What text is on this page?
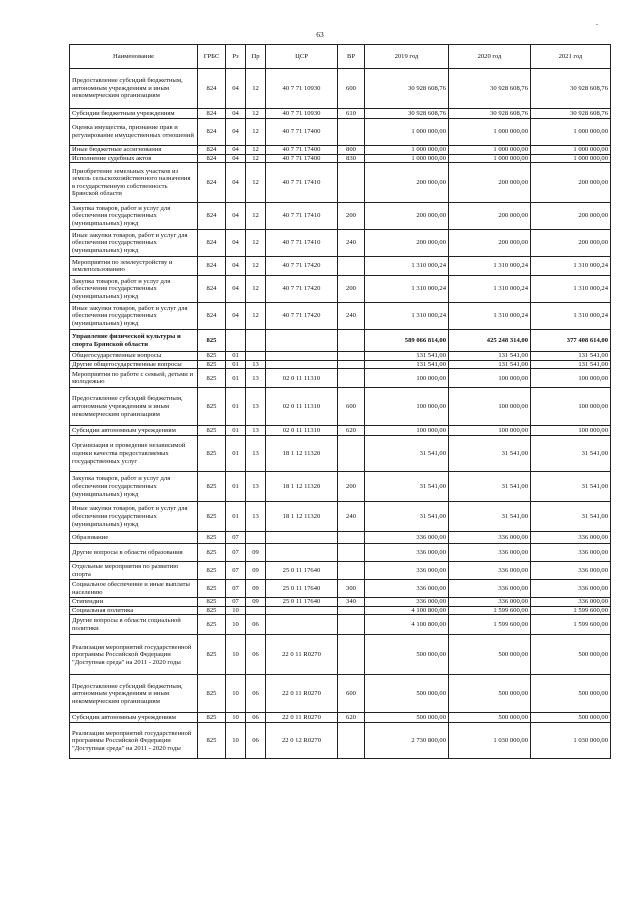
63
-
Наименование	ГРБС	Рз	Пр	ЦСР	ВР	2019 год	2020 год	2021 год
Предоставление субсидий бюджетным, автономным учреждениям и иным некоммерческим организациям	824	04	12	40 7 71 10930	600	30 928 608,76	30 928 608,76	30 928 608,76
Субсидии бюджетным учреждениям	824	04	12	40 7 71 10930	610	30 928 608,76	30 928 608,76	30 928 608,76
Оценка имущества, признание прав и регулирование имущественных отношений	824	04	12	40 7 71 17400		1 000 000,00	1 000 000,00	1 000 000,00
Иные бюджетные ассигнования	824	04	12	40 7 71 17400	800	1 000 000,00	1 000 000,00	1 000 000,00
Исполнение судебных актов	824	04	12	40 7 71 17400	830	1 000 000,00	1 000 000,00	1 000 000,00
Приобретение земельных участков из земель сельскохозяйственного назначения в государственную собственность Брянской области	824	04	12	40 7 71 17410		200 000,00	200 000,00	200 000,00
Закупка товаров, работ и услуг для обеспечения государственных (муниципальных) нужд	824	04	12	40 7 71 17410	200	200 000,00	200 000,00	200 000,00
Иные закупки товаров, работ и услуг для обеспечения государственных (муниципальных) нужд	824	04	12	40 7 71 17410	240	200 000,00	200 000,00	200 000,00
Мероприятия по землеустройству и землепользованию	824	04	12	40 7 71 17420		1 310 000,24	1 310 000,24	1 310 000,24
Закупка товаров, работ и услуг для обеспечения государственных (муниципальных) нужд	824	04	12	40 7 71 17420	200	1 310 000,24	1 310 000,24	1 310 000,24
Иные закупки товаров, работ и услуг для обеспечения государственных (муниципальных) нужд	824	04	12	40 7 71 17420	240	1 310 000,24	1 310 000,24	1 310 000,24
Управление физической культуры и спорта Брянской области	825					589 066 814,00	425 248 314,00	377 408 614,00
Общегосударственные вопросы	825	01				131 541,00	131 541,00	131 541,00
Другие общегосударственные вопросы	825	01	13			131 541,00	131 541,00	131 541,00
Мероприятия по работе с семьей, детьми и молодежью	825	01	13	02 0 11 11310		100 000,00	100 000,00	100 000,00
Предоставление субсидий бюджетным, автономным учреждениям и иным некоммерческим организациям	825	01	13	02 0 11 11310	600	100 000,00	100 000,00	100 000,00
Субсидии автономным учреждениям	825	01	13	02 0 11 11310	620	100 000,00	100 000,00	100 000,00
Организация и проведение независимой оценки качества предоставляемых государственных услуг	825	01	13	18 1 12 11320		31 541,00	31 541,00	31 541,00
Закупка товаров, работ и услуг для обеспечения государственных (муниципальных) нужд	825	01	13	18 1 12 11320	200	31 541,00	31 541,00	31 541,00
Иные закупки товаров, работ и услуг для обеспечения государственных (муниципальных) нужд	825	01	13	18 1 12 11320	240	31 541,00	31 541,00	31 541,00
Образование	825	07				336 000,00	336 000,00	336 000,00
Другие вопросы в области образования	825	07	09			336 000,00	336 000,00	336 000,00
Отдельные мероприятия по развитию спорта	825	07	09	25 0 11 17640		336 000,00	336 000,00	336 000,00
Социальное обеспечение и иные выплаты населению	825	07	09	25 0 11 17640	300	336 000,00	336 000,00	336 000,00
Стипендии	825	07	09	25 0 11 17640	340	336 000,00	336 000,00	336 000,00
Социальная политика	825	10				4 100 800,00	1 599 600,00	1 599 600,00
Другие вопросы в области социальной политики	825	10	06			4 100 800,00	1 599 600,00	1 599 600,00
Реализация мероприятий государственной программы Российской Федерации "Доступная среда" на 2011 - 2020 годы	825	10	06	22 0 11 R0270		500 000,00	500 000,00	500 000,00
Предоставление субсидий бюджетным, автономным учреждениям и иным некоммерческим организациям	825	10	06	22 0 11 R0270	600	500 000,00	500 000,00	500 000,00
Субсидии автономным учреждениям	825	10	06	22 0 11 R0270	620	500 000,00	500 000,00	500 000,00
Реализация мероприятий государственной программы Российской Федерации "Доступная среда" на 2011 - 2020 годы	825	10	06	22 0 12 R0270		2 730 800,00	1 030 000,00	1 030 000,00
